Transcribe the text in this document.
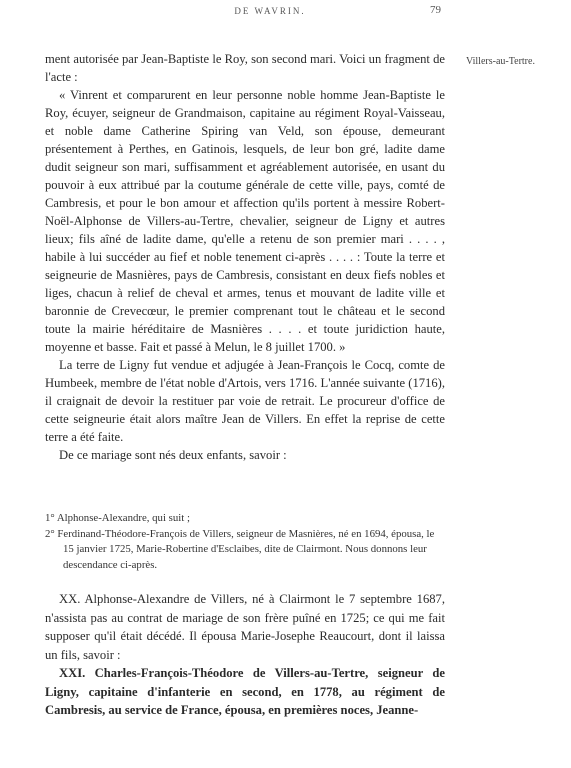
DE WAVRIN.	79
Villers-au-Tertre.

ment autorisée par Jean-Baptiste le Roy, son second mari. Voici un fragment de l'acte :

« Vinrent et comparurent en leur personne noble homme Jean-Baptiste le Roy, écuyer, seigneur de Grandmaison, capitaine au régiment Royal-Vaisseau, et noble dame Catherine Spiring van Veld, son épouse, demeurant présentement à Perthes, en Gatinois, lesquels, de leur bon gré, ladite dame dudit seigneur son mari, suffisamment et agréablement autorisée, en usant du pouvoir à eux attribué par la coutume générale de cette ville, pays, comté de Cambresis, et pour le bon amour et affection qu'ils portent à messire Robert-Noël-Alphonse de Villers-au-Tertre, chevalier, seigneur de Ligny et autres lieux; fils aîné de ladite dame, qu'elle a retenu de son premier mari . . . . , habile à lui succéder au fief et noble tenement ci-après . . . . : Toute la terre et seigneurie de Masnières, pays de Cambresis, consistant en deux fiefs nobles et liges, chacun à relief de cheval et armes, tenus et mouvant de ladite ville et baronnie de Crevecœur, le premier comprenant tout le château et le second toute la mairie héréditaire de Masnières . . . . et toute juridiction haute, moyenne et basse. Fait et passé à Melun, le 8 juillet 1700. »

La terre de Ligny fut vendue et adjugée à Jean-François le Cocq, comte de Humbeek, membre de l'état noble d'Artois, vers 1716. L'année suivante (1716), il craignait de devoir la restituer par voie de retrait. Le procureur d'office de cette seigneurie était alors maître Jean de Villers. En effet la reprise de cette terre a été faite.

De ce mariage sont nés deux enfants, savoir :

1° Alphonse-Alexandre, qui suit ;

2° Ferdinand-Théodore-François de Villers, seigneur de Masnières, né en 1694, épousa, le 15 janvier 1725, Marie-Robertine d'Esclaibes, dite de Clairmont. Nous donnons leur descendance ci-après.

XX. Alphonse-Alexandre de Villers, né à Clairmont le 7 septembre 1687, n'assista pas au contrat de mariage de son frère puîné en 1725; ce qui me fait supposer qu'il était décédé. Il épousa Marie-Josephe Reaucourt, dont il laissa un fils, savoir :

XXI. Charles-François-Théodore de Villers-au-Tertre, seigneur de Ligny, capitaine d'infanterie en second, en 1778, au régiment de Cambresis, au service de France, épousa, en premières noces, Jeanne-
